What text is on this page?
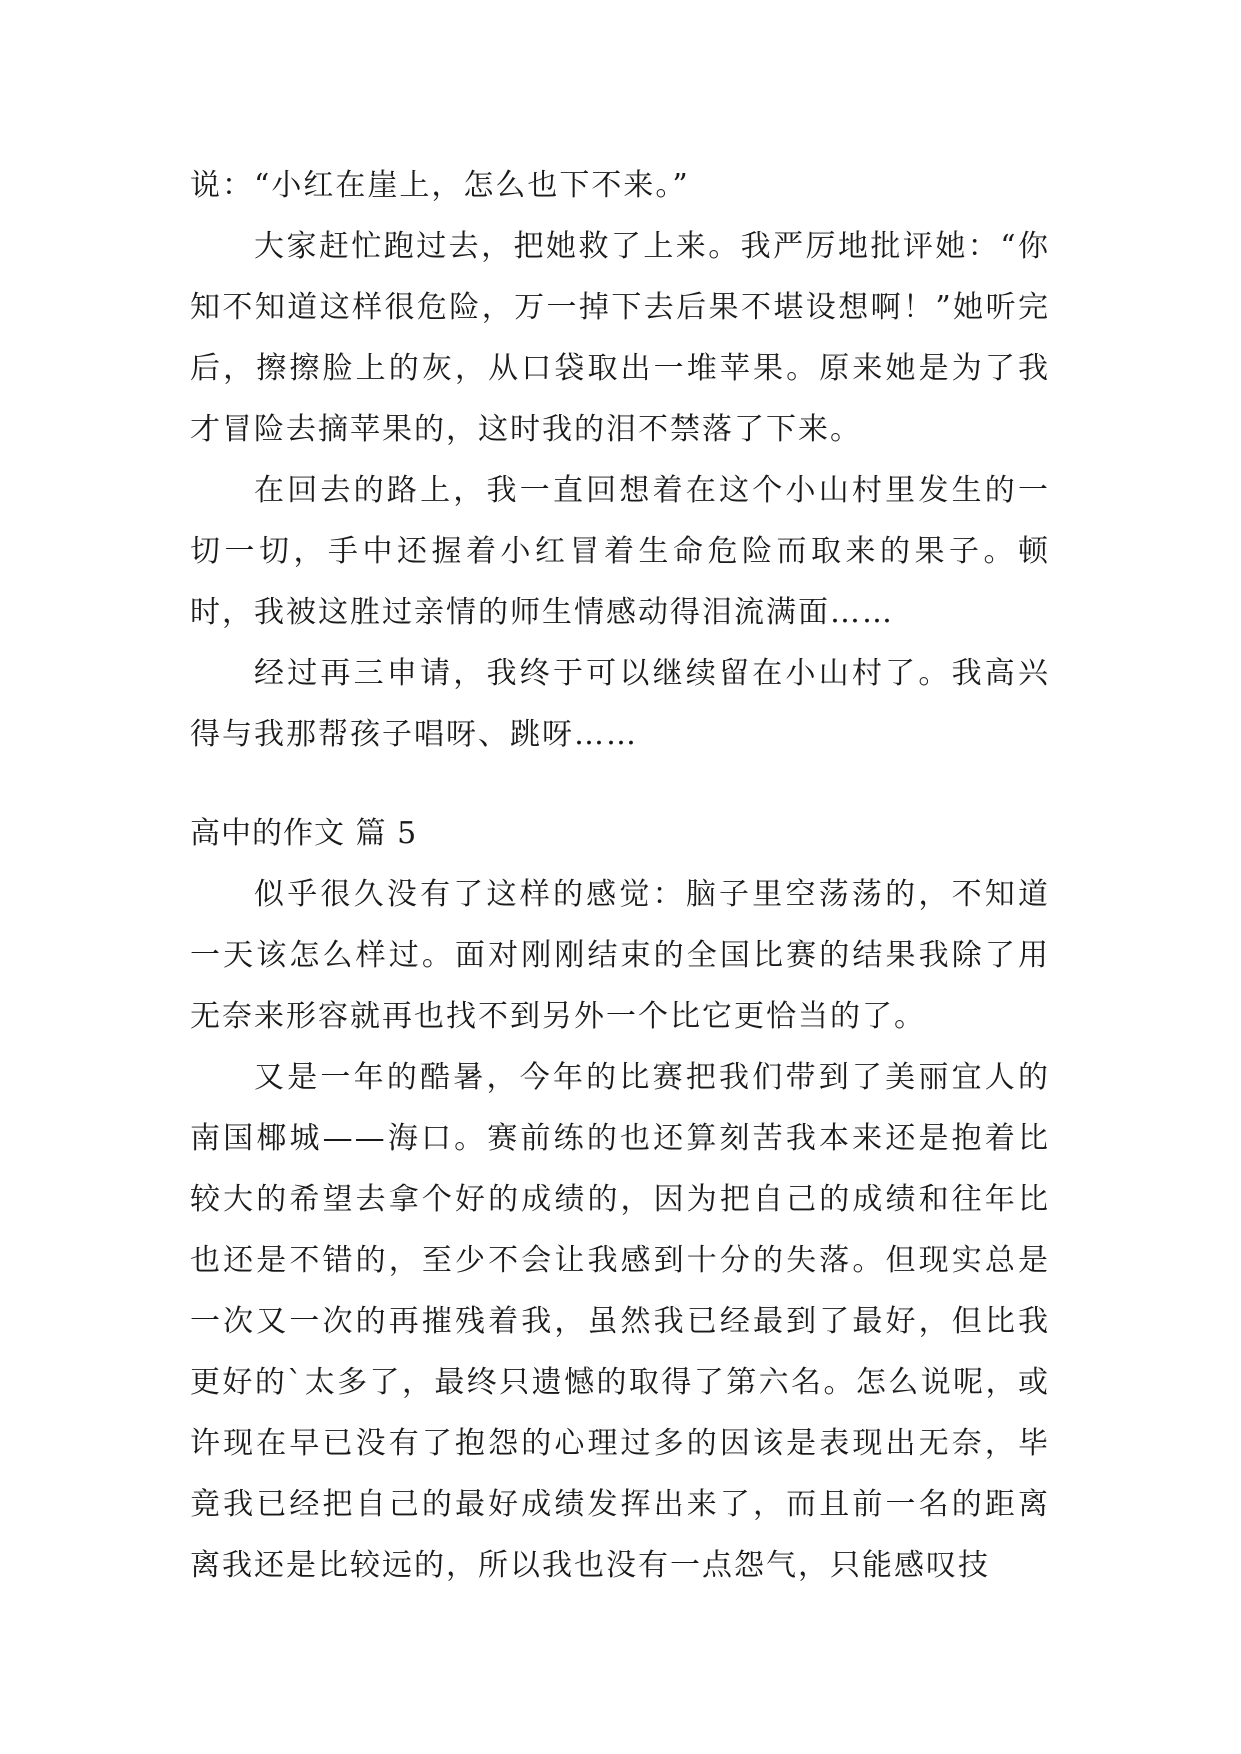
说：“小红在崖上，怎么也下不来。”

大家赶忙跑过去，把她救了上来。我严厉地批评她：“你知不知道这样很危险，万一掉下去后果不堪设想啊！”她听完后，擦擦脸上的灰，从口袋取出一堆苹果。原来她是为了我才冒险去摘苹果的，这时我的泪不禁落了下来。

在回去的路上，我一直回想着在这个小山村里发生的一切一切，手中还握着小红冒着生命危险而取来的果子。顿时，我被这胜过亲情的师生情感动得泪流满面……

经过再三申请，我终于可以继续留在小山村了。我高兴得与我那帮孩子唱呀、跳呀……

高中的作文 篇 5

似乎很久没有了这样的感觉：脑子里空荡荡的，不知道一天该怎么样过。面对刚刚结束的全国比赛的结果我除了用无奈来形容就再也找不到另外一个比它更恰当的了。

又是一年的酷暑，今年的比赛把我们带到了美丽宜人的南国椰城——海口。赛前练的也还算刻苦我本来还是抱着比较大的希望去拿个好的成绩的，因为把自己的成绩和往年比也还是不错的，至少不会让我感到十分的失落。但现实总是一次又一次的再摧残着我，虽然我已经最到了最好，但比我更好的`太多了，最终只遗憾的取得了第六名。怎么说呢，或许现在早已没有了抱怨的心理过多的因该是表现出无奈，毕竟我已经把自己的最好成绩发挥出来了，而且前一名的距离离我还是比较远的，所以我也没有一点怨气，只能感叹技
